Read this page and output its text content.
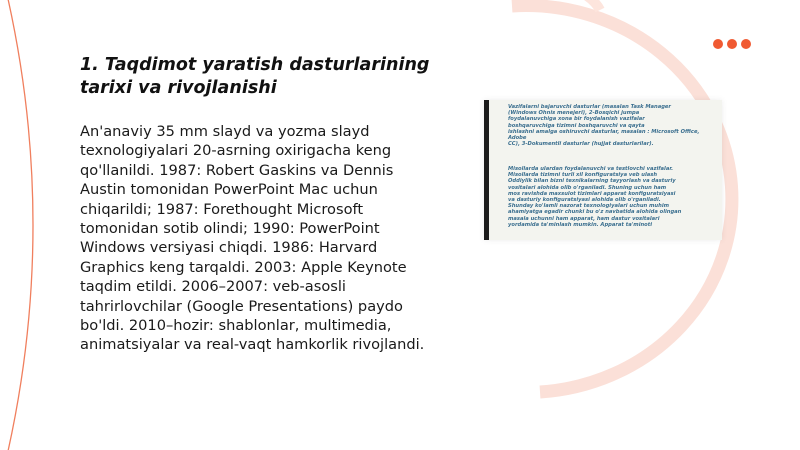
1. Taqdimot yaratish dasturlarining tarixi va rivojlanishi

An'anaviy 35 mm slayd va yozma slayd texnologiyalari 20-asrning oxirigacha keng qo'llanildi. 1987: Robert Gaskins va Dennis Austin tomonidan PowerPoint Mac uchun chiqarildi; 1987: Forethought Microsoft tomonidan sotib olindi; 1990: PowerPoint Windows versiyasi chiqdi. 1986: Harvard Graphics keng tarqaldi. 2003: Apple Keynote taqdim etildi. 2006–2007: veb-asosli tahrirlovchilar (Google Presentations) paydo bo'ldi. 2010–hozir: shablonlar, multimedia, animatsiyalar va real-vaqt hamkorlik rivojlandi.

Vazifalarni bajaruvchi dasturlar (masalan Task Manager
(Windows Ohnis menejeri), 2-Bosqichi jumpa
foydalanuvchiga xona bir foydalanish vazifalar
boshqaruvchiga tizimni boshqaruvchi va qayta
ishlashni amalga oshiruvchi dasturlar, masalan : Microsoft Office, Adobe
CC), 3-Dokumentli dasturlar (hujjat dasturlarilar).

Misollarda ulardan foydalanuvchi va testlovchi vazifalar.
Misollarda tizimni turli xil konfiguratsiya veb ulash
Oddiylik bilan bizni texnikalarning tayyorlash va dasturiy
vositalari alohida olib o'rganiladi. Shuning uchun ham
mos ravishda maxsulot tizimlari apparat konfiguratsiyasi
va dasturiy konfiguratsiyasi alohida olib o'rganiladi.
Shunday ko'lamli nazorat texnologiyalari uchun muhim
ahamiyatga egadir chunki bu o'z navbatida alohida olingan
masala uchunni ham apparat, ham dastur vositalari
yordamida ta'minlash mumkin. Apparat ta'minoti
